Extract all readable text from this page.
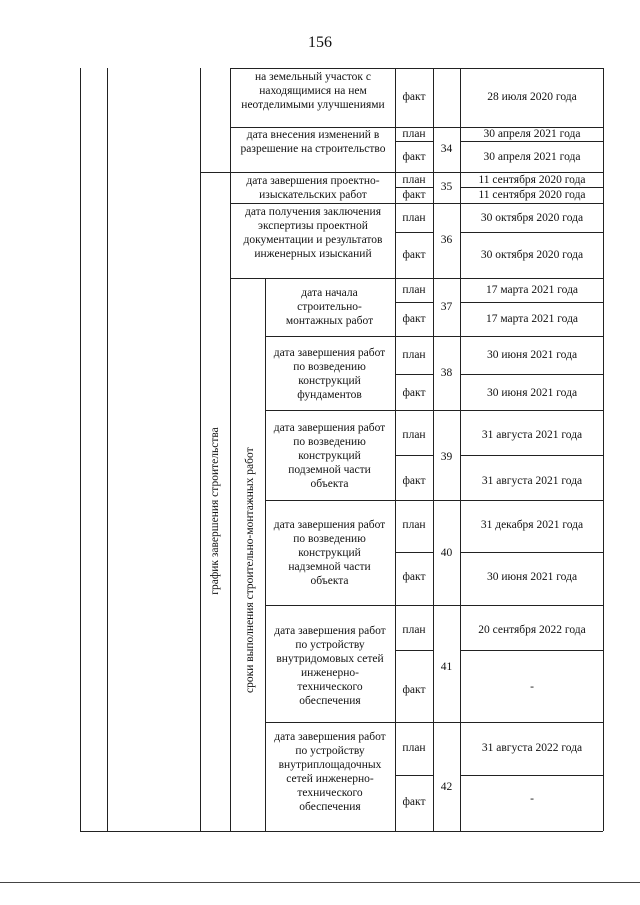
156
график завершения строительства сроки выполнения строительно-монтажных работ
на земельный участок с находящимися на нем неотделимыми улучшениями
факт	28 июля 2020 года
дата внесения изменений в разрешение на строительство
план	30 апреля 2021 года
34
факт	30 апреля 2021 года
дата завершения проектно-изыскательских работ
план	11 сентября 2020 года
35
факт	11 сентября 2020 года
дата получения заключения экспертизы проектной документации и результатов инженерных изысканий
план	30 октября 2020 года
36
факт	30 октября 2020 года
дата начала строительно-монтажных работ
план	17 марта 2021 года
37
факт	17 марта 2021 года
дата завершения работ по возведению конструкций фундаментов
план	30 июня 2021 года
38
факт	30 июня 2021 года
дата завершения работ по возведению конструкций подземной части объекта
план	31 августа 2021 года
39
факт	31 августа 2021 года
дата завершения работ по возведению конструкций надземной части объекта
план	31 декабря 2021 года
40
факт	30 июня 2021 года
дата завершения работ по устройству внутридомовых сетей инженерно-технического обеспечения
план	20 сентября 2022 года
41
факт	-
дата завершения работ по устройству внутриплощадочных сетей инженерно-технического обеспечения
план	31 августа 2022 года
42
факт	-
